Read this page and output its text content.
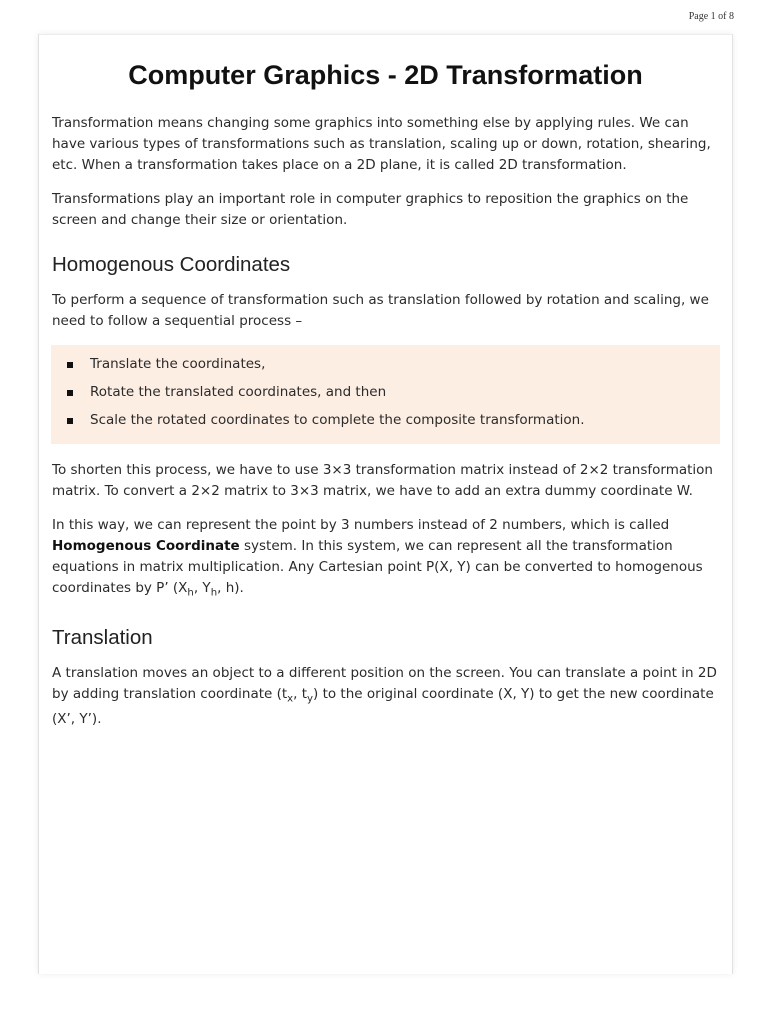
Page 1 of 8
Computer Graphics - 2D Transformation

Transformation means changing some graphics into something else by applying rules. We can have various types of transformations such as translation, scaling up or down, rotation, shearing, etc. When a transformation takes place on a 2D plane, it is called 2D transformation.

Transformations play an important role in computer graphics to reposition the graphics on the screen and change their size or orientation.

Homogenous Coordinates

To perform a sequence of transformation such as translation followed by rotation and scaling, we need to follow a sequential process –

Translate the coordinates,
Rotate the translated coordinates, and then
Scale the rotated coordinates to complete the composite transformation.

To shorten this process, we have to use 3×3 transformation matrix instead of 2×2 transformation matrix. To convert a 2×2 matrix to 3×3 matrix, we have to add an extra dummy coordinate W.

In this way, we can represent the point by 3 numbers instead of 2 numbers, which is called Homogenous Coordinate system. In this system, we can represent all the transformation equations in matrix multiplication. Any Cartesian point P(X, Y) can be converted to homogenous coordinates by P’ ($X_h$, $Y_h$, h).

Translation

A translation moves an object to a different position on the screen. You can translate a point in 2D by adding translation coordinate ($t_x$, $t_y$) to the original coordinate (X, Y) to get the new coordinate (X’, Y’).
